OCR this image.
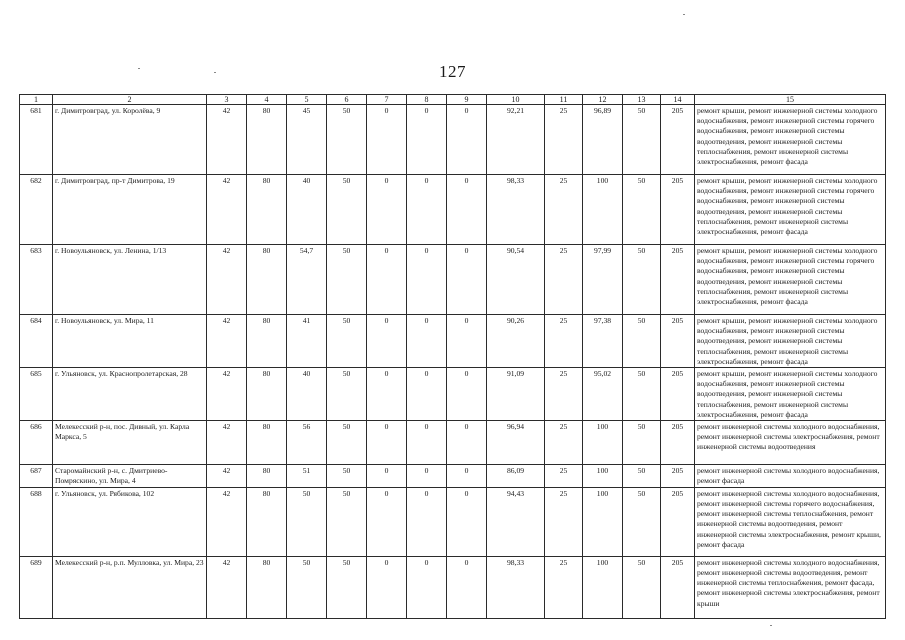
127
1	2	3	4	5	6	7	8	9	10	11	12	13	14	15
681	г. Димитровград, ул. Королёва, 9	42	80	45	50	0	0	0	92,21	25	96,89	50	205	ремонт крыши, ремонт инженерной системы холодного водоснабжения, ремонт инженерной системы горячего водоснабжения, ремонт инженерной системы водоотведения, ремонт инженерной системы теплоснабжения, ремонт инженерной системы электроснабжения, ремонт фасада
682	г. Димитровград, пр-т Димитрова, 19	42	80	40	50	0	0	0	98,33	25	100	50	205	ремонт крыши, ремонт инженерной системы холодного водоснабжения, ремонт инженерной системы горячего водоснабжения, ремонт инженерной системы водоотведения, ремонт инженерной системы теплоснабжения, ремонт инженерной системы электроснабжения, ремонт фасада
683	г. Новоульяновск, ул. Ленина, 1/13	42	80	54,7	50	0	0	0	90,54	25	97,99	50	205	ремонт крыши, ремонт инженерной системы холодного водоснабжения, ремонт инженерной системы горячего водоснабжения, ремонт инженерной системы водоотведения, ремонт инженерной системы теплоснабжения, ремонт инженерной системы электроснабжения, ремонт фасада
684	г. Новоульяновск, ул. Мира, 11	42	80	41	50	0	0	0	90,26	25	97,38	50	205	ремонт крыши, ремонт инженерной системы холодного водоснабжения, ремонт инженерной системы водоотведения, ремонт инженерной системы теплоснабжения, ремонт инженерной системы электроснабжения, ремонт фасада
685	г. Ульяновск, ул. Краснопролетарская, 28	42	80	40	50	0	0	0	91,09	25	95,02	50	205	ремонт крыши, ремонт инженерной системы холодного водоснабжения, ремонт инженерной системы водоотведения, ремонт инженерной системы теплоснабжения, ремонт инженерной системы электроснабжения, ремонт фасада
686	Мелекесский р-н, пос. Дивный, ул. Карла Маркса, 5	42	80	56	50	0	0	0	96,94	25	100	50	205	ремонт инженерной системы холодного водоснабжения, ремонт инженерной системы электроснабжения, ремонт инженерной системы водоотведения
687	Старомайнский р-н, с. Дмитриево-Помряскино, ул. Мира, 4	42	80	51	50	0	0	0	86,09	25	100	50	205	ремонт инженерной системы холодного водоснабжения, ремонт фасада
688	г. Ульяновск, ул. Рябикова, 102	42	80	50	50	0	0	0	94,43	25	100	50	205	ремонт инженерной системы холодного водоснабжения, ремонт инженерной системы горячего водоснабжения, ремонт инженерной системы теплоснабжения, ремонт инженерной системы водоотведения, ремонт инженерной системы электроснабжения, ремонт крыши, ремонт фасада
689	Мелекесский р-н, р.п. Мулловка, ул. Мира, 23	42	80	50	50	0	0	0	98,33	25	100	50	205	ремонт инженерной системы холодного водоснабжения, ремонт инженерной системы водоотведения, ремонт инженерной системы теплоснабжения, ремонт фасада, ремонт инженерной системы электроснабжения, ремонт крыши
